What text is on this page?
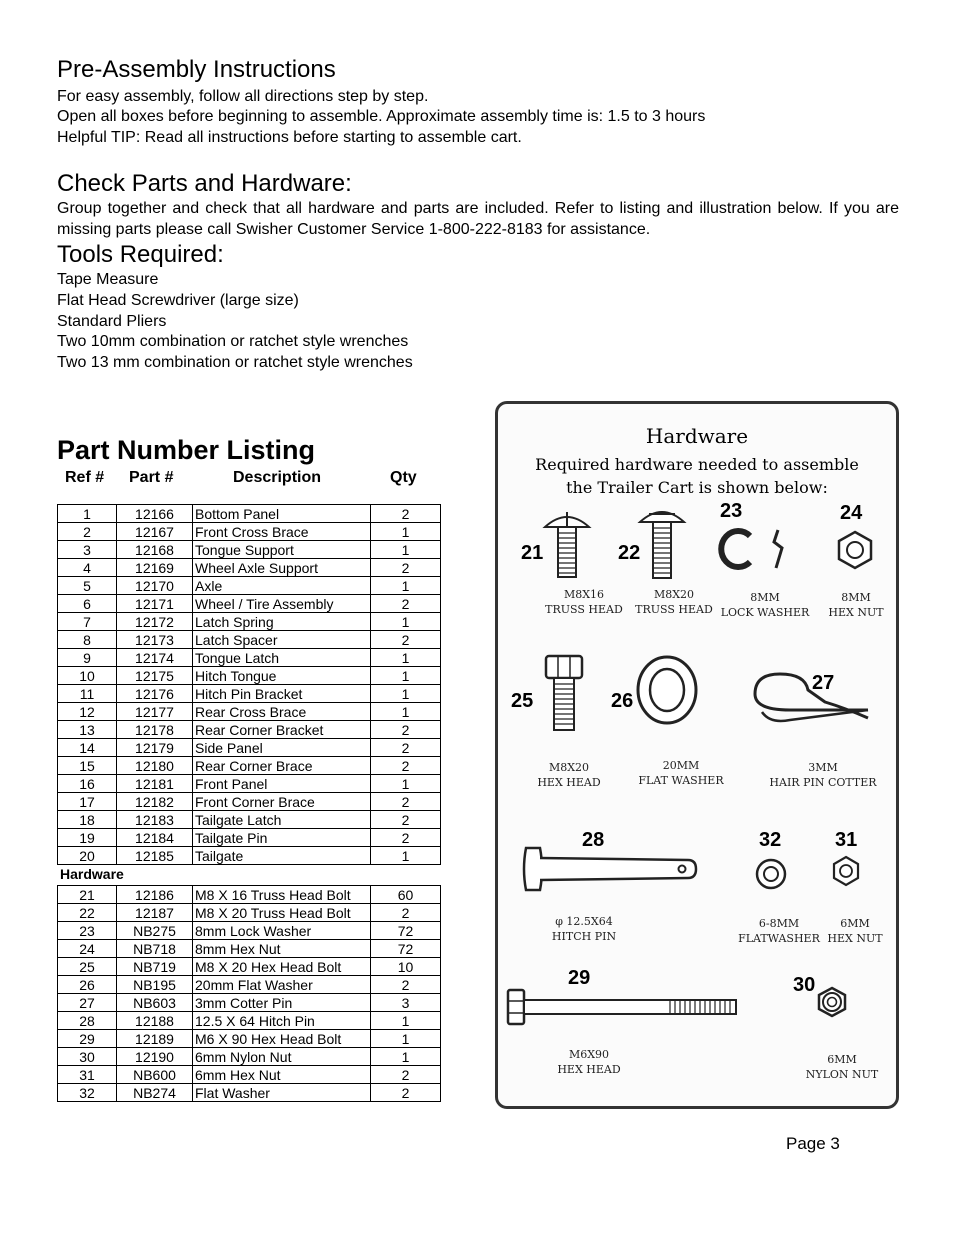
Pre-Assembly Instructions
For easy assembly, follow all directions step by step.
Open all boxes before beginning to assemble. Approximate assembly time is: 1.5 to 3 hours
Helpful TIP: Read all instructions before starting to assemble cart.
Check Parts and Hardware:
Group together and check that all hardware and parts are included. Refer to listing and illustration below. If you are missing parts please call Swisher Customer Service 1-800-222-8183 for assistance.
Tools Required:
Tape Measure
Flat Head Screwdriver (large size)
Standard Pliers
Two 10mm combination or ratchet style wrenches
Two 13 mm combination or ratchet style wrenches
Part Number Listing
Ref # Part #	Description	Qty
1	12166	Bottom Panel	2
2	12167	Front Cross Brace	1
3	12168	Tongue Support	1
4	12169	Wheel Axle Support	2
5	12170	Axle	1
6	12171	Wheel / Tire Assembly	2
7	12172	Latch Spring	1
8	12173	Latch Spacer	2
9	12174	Tongue Latch	1
10	12175	Hitch Tongue	1
11	12176	Hitch Pin Bracket	1
12	12177	Rear Cross Brace	1
13	12178	Rear Corner Bracket	2
14	12179	Side Panel	2
15	12180	Rear Corner Brace	2
16	12181	Front Panel	1
17	12182	Front Corner Brace	2
18	12183	Tailgate Latch	2
19	12184	Tailgate Pin	2
20	12185	Tailgate	1
Hardware
21	12186	M8 X 16 Truss Head Bolt	60
22	12187	M8 X 20 Truss Head Bolt	2
23	NB275	8mm Lock Washer	72
24	NB718	8mm Hex Nut	72
25	NB719	M8 X 20 Hex Head Bolt	10
26	NB195	20mm Flat Washer	2
27	NB603	3mm Cotter Pin	3
28	12188	12.5 X 64 Hitch Pin	1
29	12189	M6 X 90 Hex Head Bolt	1
30	12190	6mm Nylon Nut	1
31	NB600	6mm Hex Nut	2
32	NB274	Flat Washer	2
Hardware
Required hardware needed to assemble
the Trailer Cart is shown below:
21
M8X16
TRUSS HEAD
22
M8X20
TRUSS HEAD
23
8MM
LOCK WASHER
24
8MM
HEX NUT
25
M8X20
HEX HEAD
26
20MM
FLAT WASHER
27
3MM
HAIR PIN COTTER
28
φ 12.5X64
HITCH PIN
32
6-8MM
FLATWASHER
31
6MM
HEX NUT
29
M6X90
HEX HEAD
30
6MM
NYLON NUT
Page 3
